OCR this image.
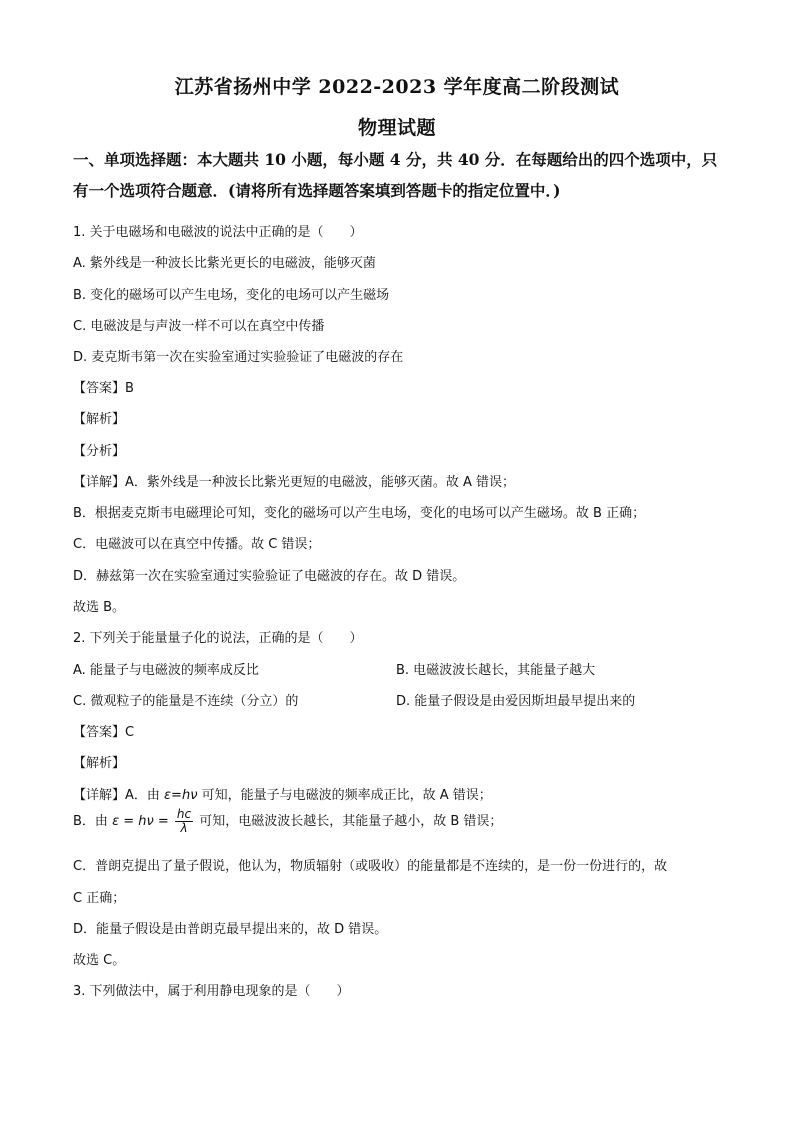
江苏省扬州中学 2022-2023 学年度高二阶段测试
物理试题
一、单项选择题：本大题共 10 小题，每小题 4 分，共 40 分．在每题给出的四个选项中，只
有一个选项符合题意．(请将所有选择题答案填到答题卡的指定位置中．)
1. 关于电磁场和电磁波的说法中正确的是（　　）
A. 紫外线是一种波长比紫光更长的电磁波，能够灭菌
B. 变化的磁场可以产生电场，变化的电场可以产生磁场
C. 电磁波是与声波一样不可以在真空中传播
D. 麦克斯韦第一次在实验室通过实验验证了电磁波的存在
【答案】B
【解析】
【分析】
【详解】A．紫外线是一种波长比紫光更短的电磁波，能够灭菌。故 A 错误；
B．根据麦克斯韦电磁理论可知，变化的磁场可以产生电场，变化的电场可以产生磁场。故 B 正确；
C．电磁波可以在真空中传播。故 C 错误；
D．赫兹第一次在实验室通过实验验证了电磁波的存在。故 D 错误。
故选 B。
2. 下列关于能量量子化的说法，正确的是（　　）
A. 能量子与电磁波的频率成反比	B. 电磁波波长越长，其能量子越大
C. 微观粒子的能量是不连续（分立）的	D. 能量子假设是由爱因斯坦最早提出来的
【答案】C
【解析】
【详解】A．由 ε=hν 可知，能量子与电磁波的频率成正比，故 A 错误；
B．由 $\varepsilon = h\nu = \frac{hc}{\lambda}$ 可知，电磁波波长越长，其能量子越小，故 B 错误；
C．普朗克提出了量子假说，他认为，物质辐射（或吸收）的能量都是不连续的，是一份一份进行的，故
C 正确；
D．能量子假设是由普朗克最早提出来的，故 D 错误。
故选 C。
3. 下列做法中，属于利用静电现象的是（　　）
